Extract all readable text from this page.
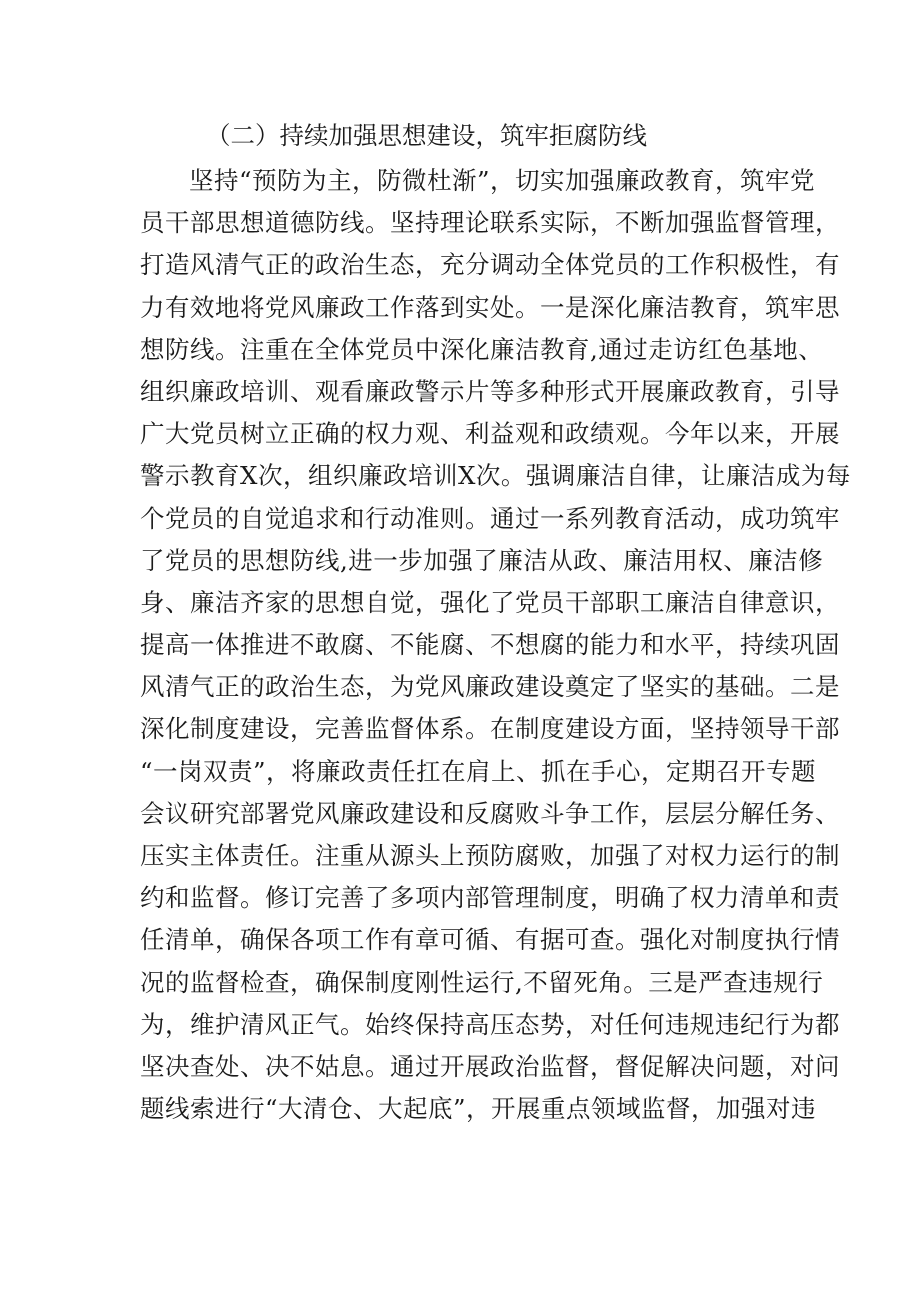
（二）持续加强思想建设，筑牢拒腐防线
坚持“预防为主，防微杜渐”，切实加强廉政教育，筑牢党
员干部思想道德防线。坚持理论联系实际，不断加强监督管理，
打造风清气正的政治生态，充分调动全体党员的工作积极性，有
力有效地将党风廉政工作落到实处。一是深化廉洁教育，筑牢思
想防线。注重在全体党员中深化廉洁教育,通过走访红色基地、
组织廉政培训、观看廉政警示片等多种形式开展廉政教育，引导
广大党员树立正确的权力观、利益观和政绩观。今年以来，开展
警示教育X次，组织廉政培训X次。强调廉洁自律，让廉洁成为每
个党员的自觉追求和行动准则。通过一系列教育活动，成功筑牢
了党员的思想防线,进一步加强了廉洁从政、廉洁用权、廉洁修
身、廉洁齐家的思想自觉，强化了党员干部职工廉洁自律意识，
提高一体推进不敢腐、不能腐、不想腐的能力和水平，持续巩固
风清气正的政治生态，为党风廉政建设奠定了坚实的基础。二是
深化制度建设，完善监督体系。在制度建设方面，坚持领导干部
“一岗双责”，将廉政责任扛在肩上、抓在手心，定期召开专题
会议研究部署党风廉政建设和反腐败斗争工作，层层分解任务、
压实主体责任。注重从源头上预防腐败，加强了对权力运行的制
约和监督。修订完善了多项内部管理制度，明确了权力清单和责
任清单，确保各项工作有章可循、有据可查。强化对制度执行情
况的监督检查，确保制度刚性运行,不留死角。三是严查违规行
为，维护清风正气。始终保持高压态势，对任何违规违纪行为都
坚决查处、决不姑息。通过开展政治监督，督促解决问题，对问
题线索进行“大清仓、大起底”，开展重点领域监督，加强对违
